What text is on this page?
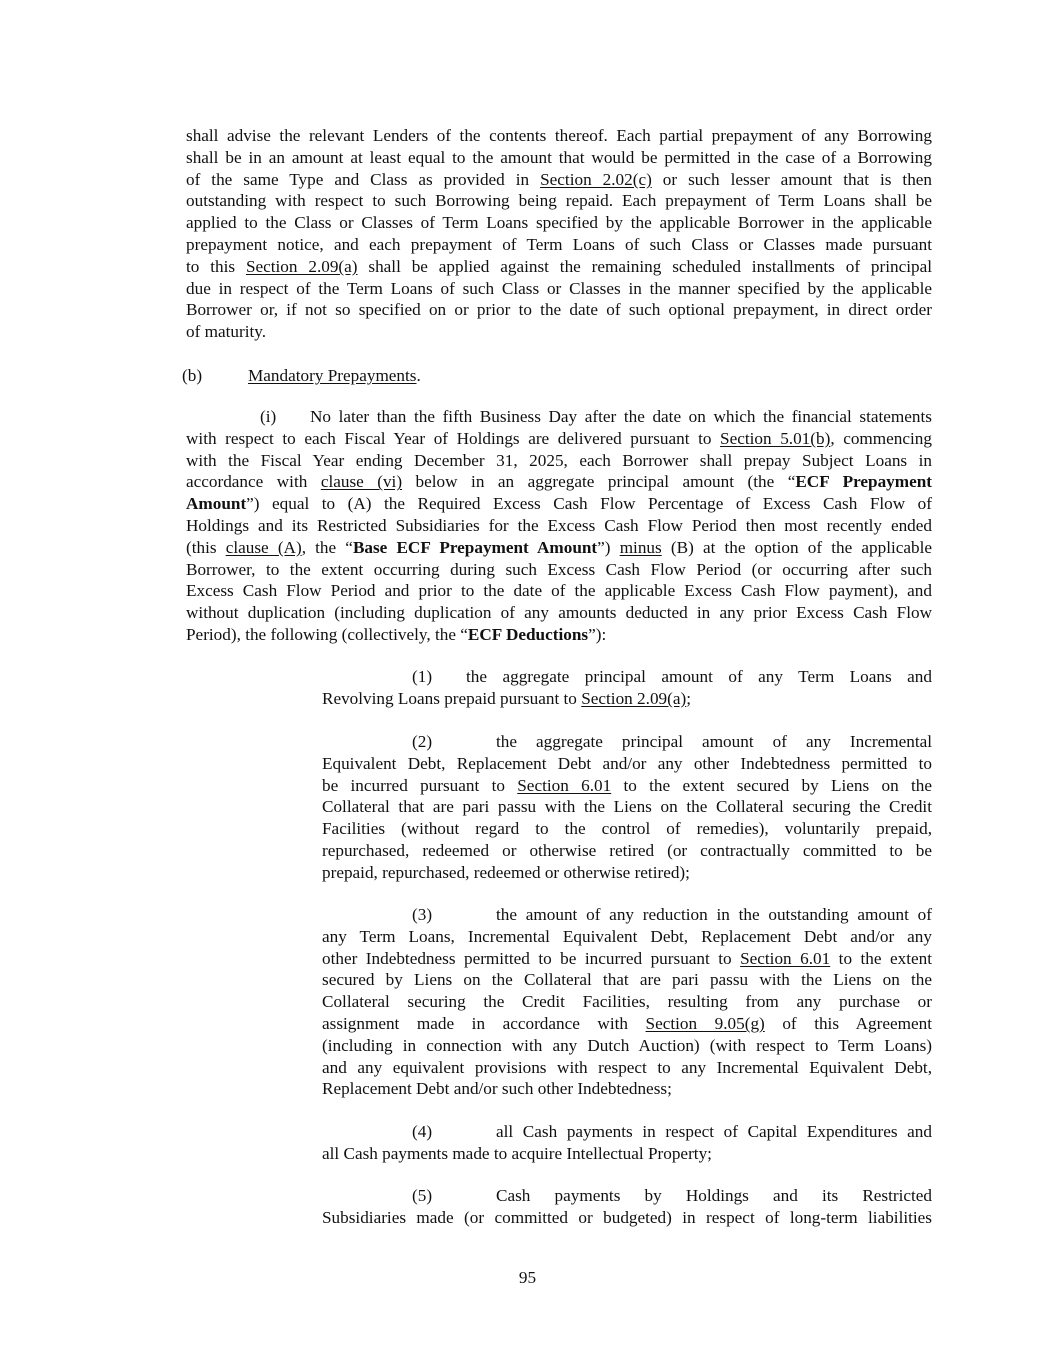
shall advise the relevant Lenders of the contents thereof. Each partial prepayment of any Borrowing
shall be in an amount at least equal to the amount that would be permitted in the case of a Borrowing
of the same Type and Class as provided in Section 2.02(c) or such lesser amount that is then
outstanding with respect to such Borrowing being repaid. Each prepayment of Term Loans shall be
applied to the Class or Classes of Term Loans specified by the applicable Borrower in the applicable
prepayment notice, and each prepayment of Term Loans of such Class or Classes made pursuant
to this Section 2.09(a) shall be applied against the remaining scheduled installments of principal
due in respect of the Term Loans of such Class or Classes in the manner specified by the applicable
Borrower or, if not so specified on or prior to the date of such optional prepayment, in direct order
of maturity.
(b)	Mandatory Prepayments.
(i) No later than the fifth Business Day after the date on which the financial statements
with respect to each Fiscal Year of Holdings are delivered pursuant to Section 5.01(b), commencing
with the Fiscal Year ending December 31, 2025, each Borrower shall prepay Subject Loans in
accordance with clause (vi) below in an aggregate principal amount (the “ECF Prepayment
Amount”) equal to (A) the Required Excess Cash Flow Percentage of Excess Cash Flow of
Holdings and its Restricted Subsidiaries for the Excess Cash Flow Period then most recently ended
(this clause (A), the “Base ECF Prepayment Amount”) minus (B) at the option of the applicable
Borrower, to the extent occurring during such Excess Cash Flow Period (or occurring after such
Excess Cash Flow Period and prior to the date of the applicable Excess Cash Flow payment), and
without duplication (including duplication of any amounts deducted in any prior Excess Cash Flow
Period), the following (collectively, the “ECF Deductions”):
(1) the aggregate principal amount of any Term Loans and
Revolving Loans prepaid pursuant to Section 2.09(a);
(2)	the aggregate principal amount of any Incremental
Equivalent Debt, Replacement Debt and/or any other Indebtedness permitted to
be incurred pursuant to Section 6.01 to the extent secured by Liens on the
Collateral that are pari passu with the Liens on the Collateral securing the Credit
Facilities (without regard to the control of remedies), voluntarily prepaid,
repurchased, redeemed or otherwise retired (or contractually committed to be
prepaid, repurchased, redeemed or otherwise retired);
(3)	the amount of any reduction in the outstanding amount of
any Term Loans, Incremental Equivalent Debt, Replacement Debt and/or any
other Indebtedness permitted to be incurred pursuant to Section 6.01 to the extent
secured by Liens on the Collateral that are pari passu with the Liens on the
Collateral securing the Credit Facilities, resulting from any purchase or
assignment made in accordance with Section 9.05(g) of this Agreement
(including in connection with any Dutch Auction) (with respect to Term Loans)
and any equivalent provisions with respect to any Incremental Equivalent Debt,
Replacement Debt and/or such other Indebtedness;
(4)	all Cash payments in respect of Capital Expenditures and
all Cash payments made to acquire Intellectual Property;
(5)	Cash payments by Holdings and its Restricted
Subsidiaries made (or committed or budgeted) in respect of long-term liabilities
95
